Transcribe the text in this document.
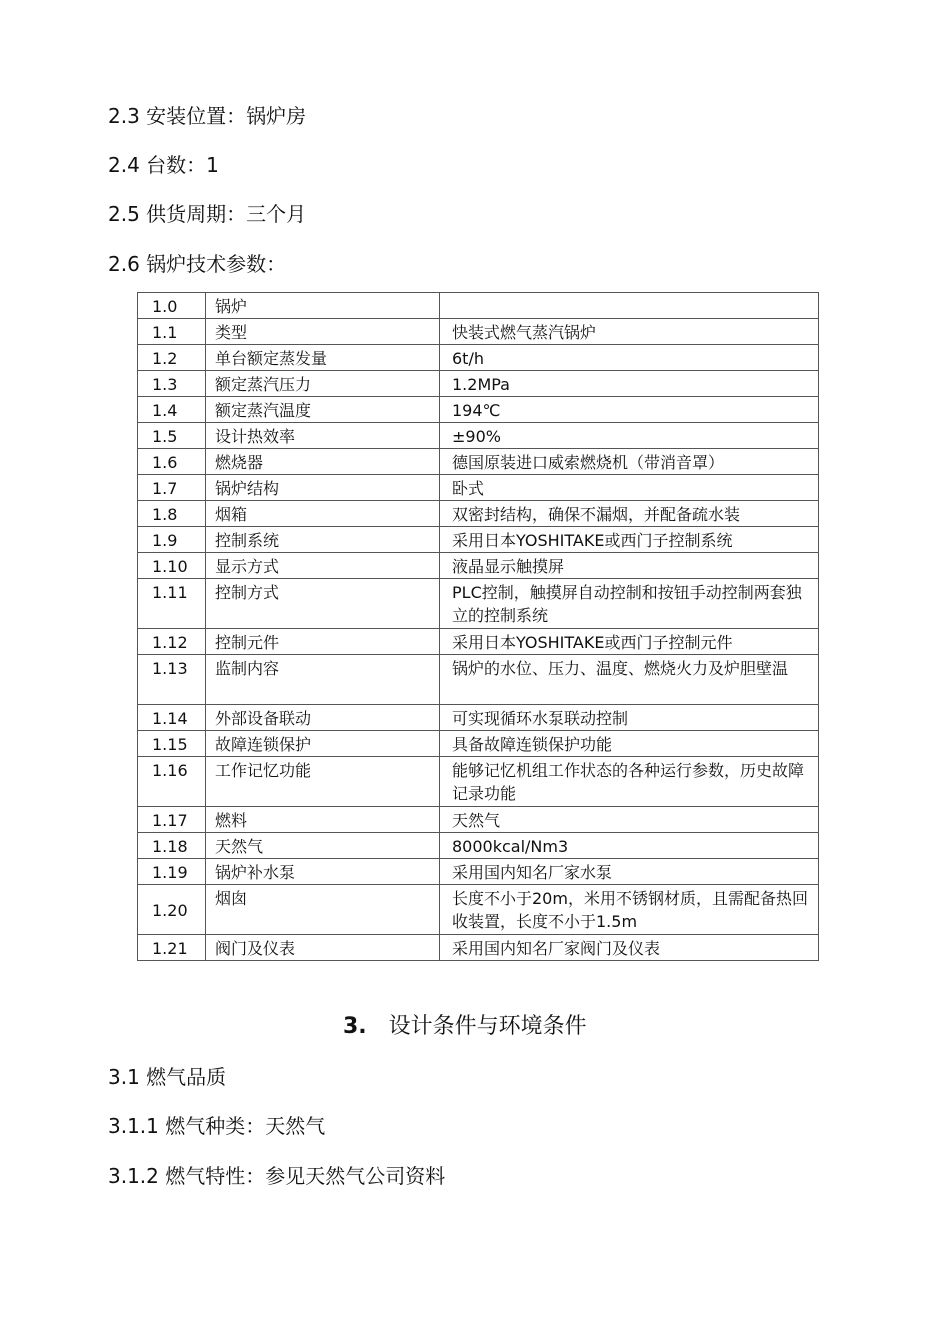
2.3 安装位置：锅炉房
2.4 台数：1
2.5 供货周期：三个月
2.6 锅炉技术参数：
1.0	锅炉	

1.1	类型	快装式燃气蒸汽锅炉

1.2	单台额定蒸发量	6t/h

1.3	额定蒸汽压力	1.2MPa

1.4	额定蒸汽温度	194℃

1.5	设计热效率	±90%

1.6	燃烧器	德国原装进口威索燃烧机（带消音罩）

1.7	锅炉结构	卧式

1.8	烟箱	双密封结构，确保不漏烟，并配备疏水装

1.9	控制系统	采用日本YOSHITAKE或西门子控制系统

1.10	显示方式	液晶显示触摸屏

1.11	控制方式	PLC控制，触摸屏自动控制和按钮手动控制两套独立的控制系统

1.12	控制元件	采用日本YOSHITAKE或西门子控制元件

1.13	监制内容	锅炉的水位、压力、温度、燃烧火力及炉胆壁温

1.14	外部设备联动	可实现循环水泵联动控制

1.15	故障连锁保护	具备故障连锁保护功能

1.16	工作记忆功能	能够记忆机组工作状态的各种运行参数，历史故障记录功能

1.17	燃料	天然气

1.18	天然气	8000kcal/Nm3

1.19	锅炉补水泵	采用国内知名厂家水泵

1.20	烟囱	长度不小于20m，米用不锈钢材质，且需配备热回收装置，长度不小于1.5m

1.21	阀门及仪表	采用国内知名厂家阀门及仪表
3. 设计条件与环境条件
3.1 燃气品质
3.1.1 燃气种类：天然气
3.1.2 燃气特性：参见天然气公司资料
